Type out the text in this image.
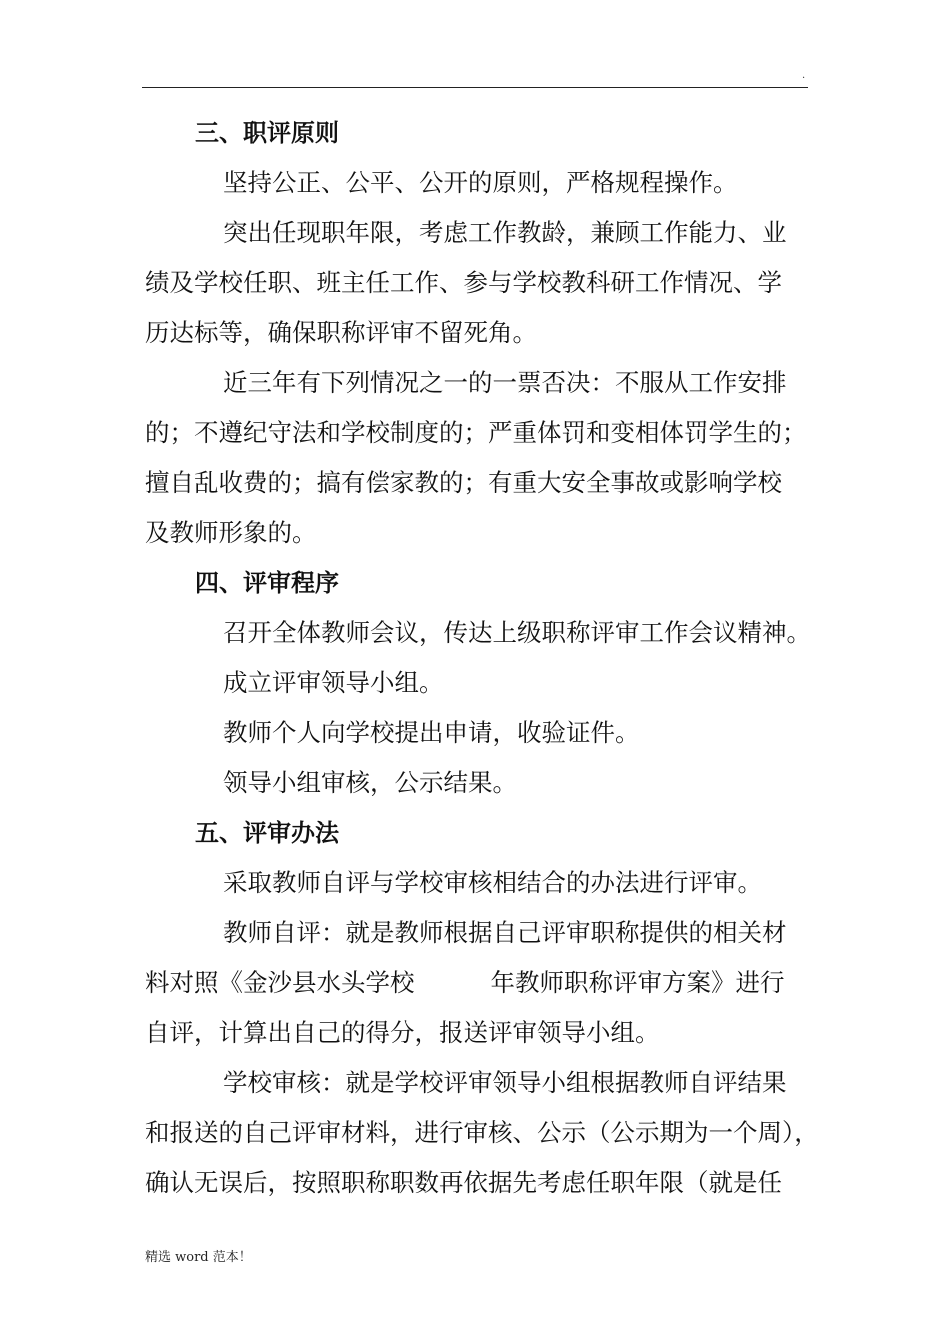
.
三、职评原则
坚持公正、公平、公开的原则，严格规程操作。
突出任现职年限，考虑工作教龄，兼顾工作能力、业
绩及学校任职、班主任工作、参与学校教科研工作情况、学
历达标等，确保职称评审不留死角。
近三年有下列情况之一的一票否决：不服从工作安排
的；不遵纪守法和学校制度的；严重体罚和变相体罚学生的；
擅自乱收费的；搞有偿家教的；有重大安全事故或影响学校
及教师形象的。
四、评审程序
召开全体教师会议，传达上级职称评审工作会议精神。
成立评审领导小组。
教师个人向学校提出申请，收验证件。
领导小组审核，公示结果。
五、评审办法
采取教师自评与学校审核相结合的办法进行评审。
教师自评：就是教师根据自己评审职称提供的相关材
料对照《金沙县水头学校	年教师职称评审方案》进行
自评，计算出自己的得分，报送评审领导小组。
学校审核：就是学校评审领导小组根据教师自评结果
和报送的自己评审材料，进行审核、公示（公示期为一个周），
确认无误后，按照职称职数再依据先考虑任职年限（就是任
精选 word 范本！
